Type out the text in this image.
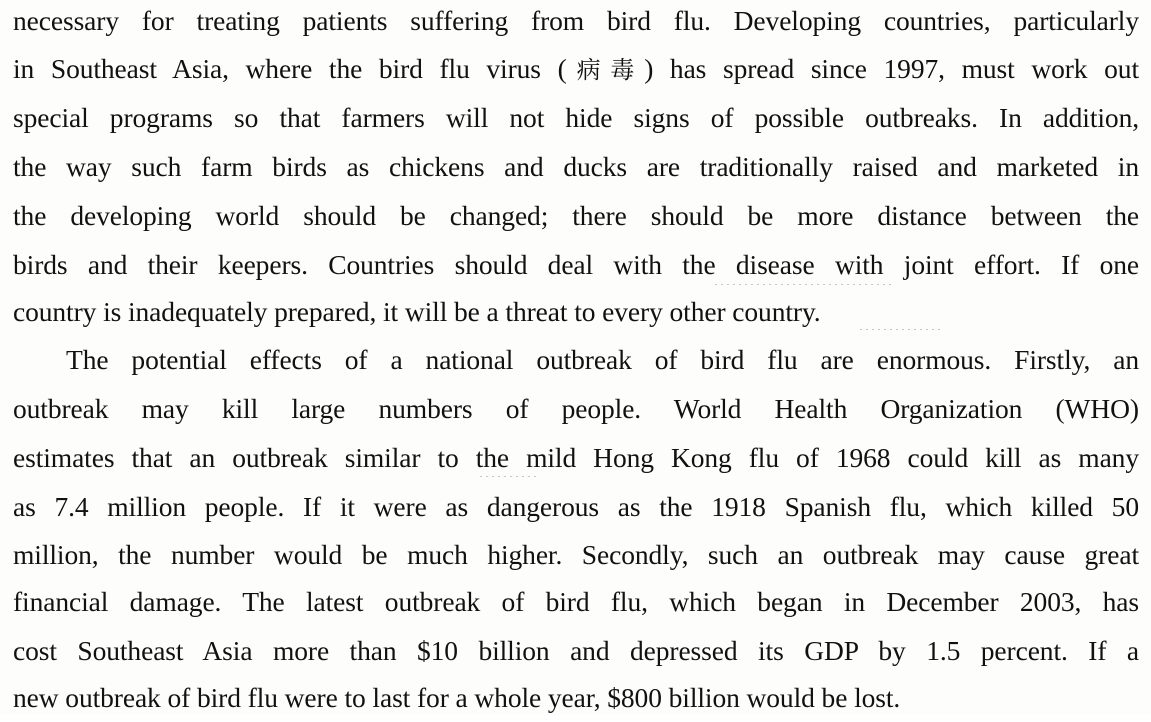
necessary for treating patients suffering from bird flu. Developing countries, particularly
in Southeast Asia, where the bird flu virus (病毒) has spread since 1997, must work out
special programs so that farmers will not hide signs of possible outbreaks. In addition,
the way such farm birds as chickens and ducks are traditionally raised and marketed in
the developing world should be changed; there should be more distance between the
birds and their keepers. Countries should deal with the disease with joint effort. If one
country is inadequately prepared, it will be a threat to every other country.
The potential effects of a national outbreak of bird flu are enormous. Firstly, an
outbreak may kill large numbers of people. World Health Organization (WHO)
estimates that an outbreak similar to the mild Hong Kong flu of 1968 could kill as many
as 7.4 million people. If it were as dangerous as the 1918 Spanish flu, which killed 50
million, the number would be much higher. Secondly, such an outbreak may cause great
financial damage. The latest outbreak of bird flu, which began in December 2003, has
cost Southeast Asia more than $10 billion and depressed its GDP by 1.5 percent. If a
new outbreak of bird flu were to last for a whole year, $800 billion would be lost.
